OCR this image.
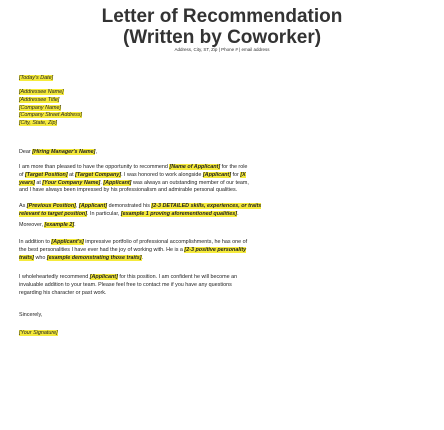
Letter of Recommendation
(Written by Coworker)
Address, City, ST, Zip | Phone # | email address
[Today's Date]
[Addressee Name]
[Addressee Title]
[Company Name]
[Company Street Address]
[City, State, Zip]
Dear [Hiring Manager's Name],
I am more than pleased to have the opportunity to recommend [Name of Applicant] for the role
of [Target Position] at [Target Company]. I was honored to work alongside [Applicant] for [X
years] at [Your Company Name]. [Applicant] was always an outstanding member of our team,
and I have always been impressed by his professionalism and admirable personal qualities.
As [Previous Position], [Applicant] demonstrated his [2-3 DETAILED skills, experiences, or traits
relevant to target position]. In particular, [example 1 proving aforementioned qualities].
Moreover, [example 2].
In addition to [Applicant's] impressive portfolio of professional accomplishments, he has one of
the best personalities I have ever had the joy of working with. He is a [2-3 positive personality
traits] who [example demonstrating those traits].
I wholeheartedly recommend [Applicant] for this position. I am confident he will become an
invaluable addition to your team. Please feel free to contact me if you have any questions
regarding his character or past work.
Sincerely,
[Your Signature]
